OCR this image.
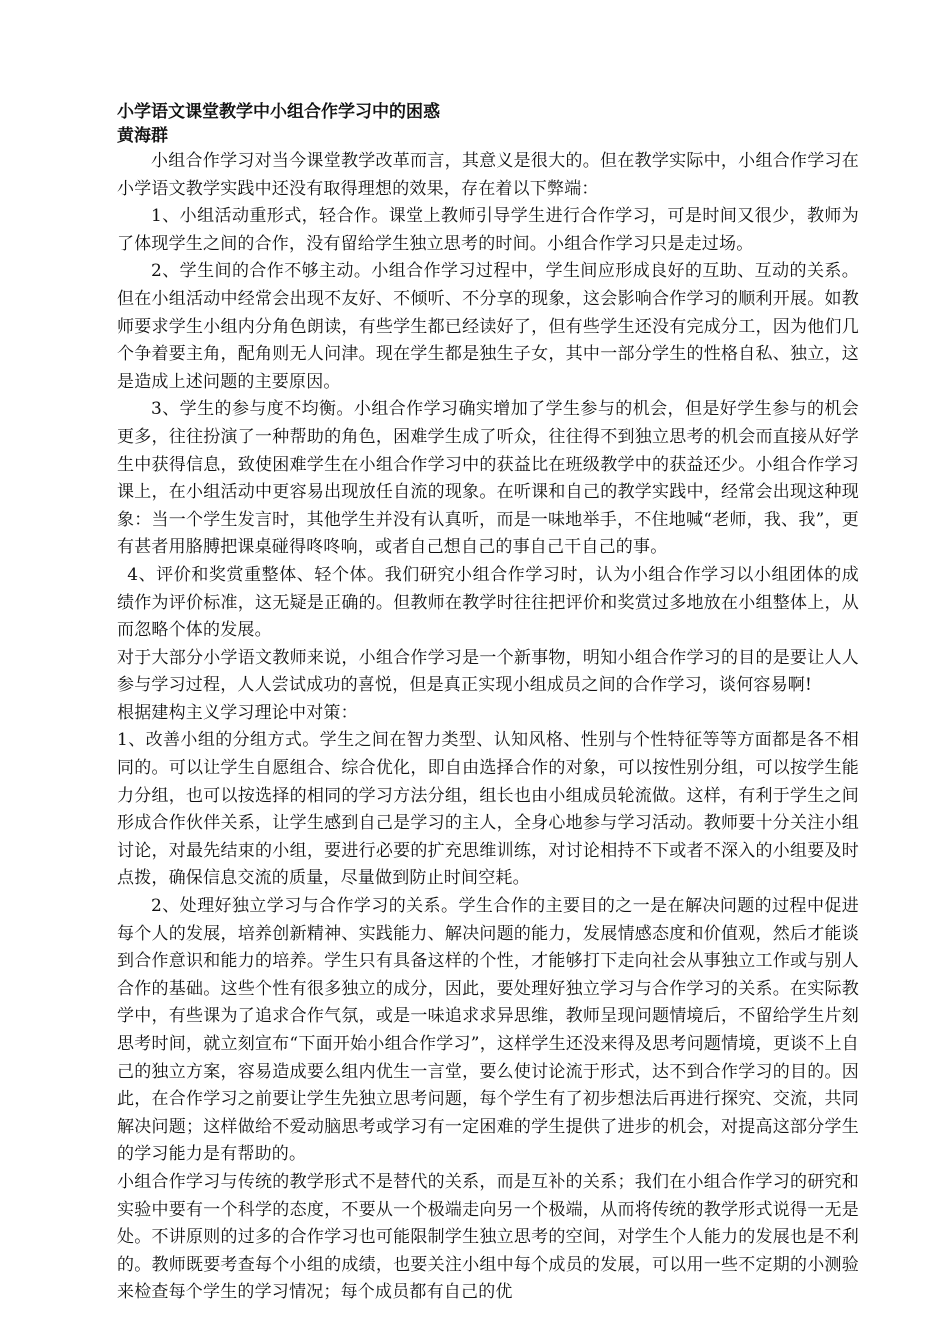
小学语文课堂教学中小组合作学习中的困惑

黄海群

小组合作学习对当今课堂教学改革而言，其意义是很大的。但在教学实际中，小组合作学习在小学语文教学实践中还没有取得理想的效果，存在着以下弊端：

1、小组活动重形式，轻合作。课堂上教师引导学生进行合作学习，可是时间又很少，教师为了体现学生之间的合作，没有留给学生独立思考的时间。小组合作学习只是走过场。

2、学生间的合作不够主动。小组合作学习过程中，学生间应形成良好的互助、互动的关系。但在小组活动中经常会出现不友好、不倾听、不分享的现象，这会影响合作学习的顺利开展。如教师要求学生小组内分角色朗读，有些学生都已经读好了，但有些学生还没有完成分工，因为他们几个争着要主角，配角则无人问津。现在学生都是独生子女，其中一部分学生的性格自私、独立，这是造成上述问题的主要原因。

3、学生的参与度不均衡。小组合作学习确实增加了学生参与的机会，但是好学生参与的机会更多，往往扮演了一种帮助的角色，困难学生成了听众，往往得不到独立思考的机会而直接从好学生中获得信息，致使困难学生在小组合作学习中的获益比在班级教学中的获益还少。小组合作学习课上，在小组活动中更容易出现放任自流的现象。在听课和自己的教学实践中，经常会出现这种现象：当一个学生发言时，其他学生并没有认真听，而是一味地举手，不住地喊“老师，我、我”，更有甚者用胳膊把课桌碰得咚咚响，或者自己想自己的事自己干自己的事。

4、评价和奖赏重整体、轻个体。我们研究小组合作学习时，认为小组合作学习以小组团体的成绩作为评价标准，这无疑是正确的。但教师在教学时往往把评价和奖赏过多地放在小组整体上，从而忽略个体的发展。

对于大部分小学语文教师来说，小组合作学习是一个新事物，明知小组合作学习的目的是要让人人参与学习过程，人人尝试成功的喜悦，但是真正实现小组成员之间的合作学习，谈何容易啊!

根据建构主义学习理论中对策：

1、改善小组的分组方式。学生之间在智力类型、认知风格、性别与个性特征等等方面都是各不相同的。可以让学生自愿组合、综合优化，即自由选择合作的对象，可以按性别分组，可以按学生能力分组，也可以按选择的相同的学习方法分组，组长也由小组成员轮流做。这样，有利于学生之间形成合作伙伴关系，让学生感到自己是学习的主人，全身心地参与学习活动。教师要十分关注小组讨论，对最先结束的小组，要进行必要的扩充思维训练，对讨论相持不下或者不深入的小组要及时点拨，确保信息交流的质量，尽量做到防止时间空耗。

2、处理好独立学习与合作学习的关系。学生合作的主要目的之一是在解决问题的过程中促进每个人的发展，培养创新精神、实践能力、解决问题的能力，发展情感态度和价值观，然后才能谈到合作意识和能力的培养。学生只有具备这样的个性，才能够打下走向社会从事独立工作或与别人合作的基础。这些个性有很多独立的成分，因此，要处理好独立学习与合作学习的关系。在实际教学中，有些课为了追求合作气氛，或是一味追求求异思维，教师呈现问题情境后，不留给学生片刻思考时间，就立刻宣布“下面开始小组合作学习”，这样学生还没来得及思考问题情境，更谈不上自己的独立方案，容易造成要么组内优生一言堂，要么使讨论流于形式，达不到合作学习的目的。因此，在合作学习之前要让学生先独立思考问题，每个学生有了初步想法后再进行探究、交流，共同解决问题；这样做给不爱动脑思考或学习有一定困难的学生提供了进步的机会，对提高这部分学生的学习能力是有帮助的。

小组合作学习与传统的教学形式不是替代的关系，而是互补的关系；我们在小组合作学习的研究和实验中要有一个科学的态度，不要从一个极端走向另一个极端，从而将传统的教学形式说得一无是处。不讲原则的过多的合作学习也可能限制学生独立思考的空间，对学生个人能力的发展也是不利的。教师既要考查每个小组的成绩，也要关注小组中每个成员的发展，可以用一些不定期的小测验来检查每个学生的学习情况；每个成员都有自己的优
